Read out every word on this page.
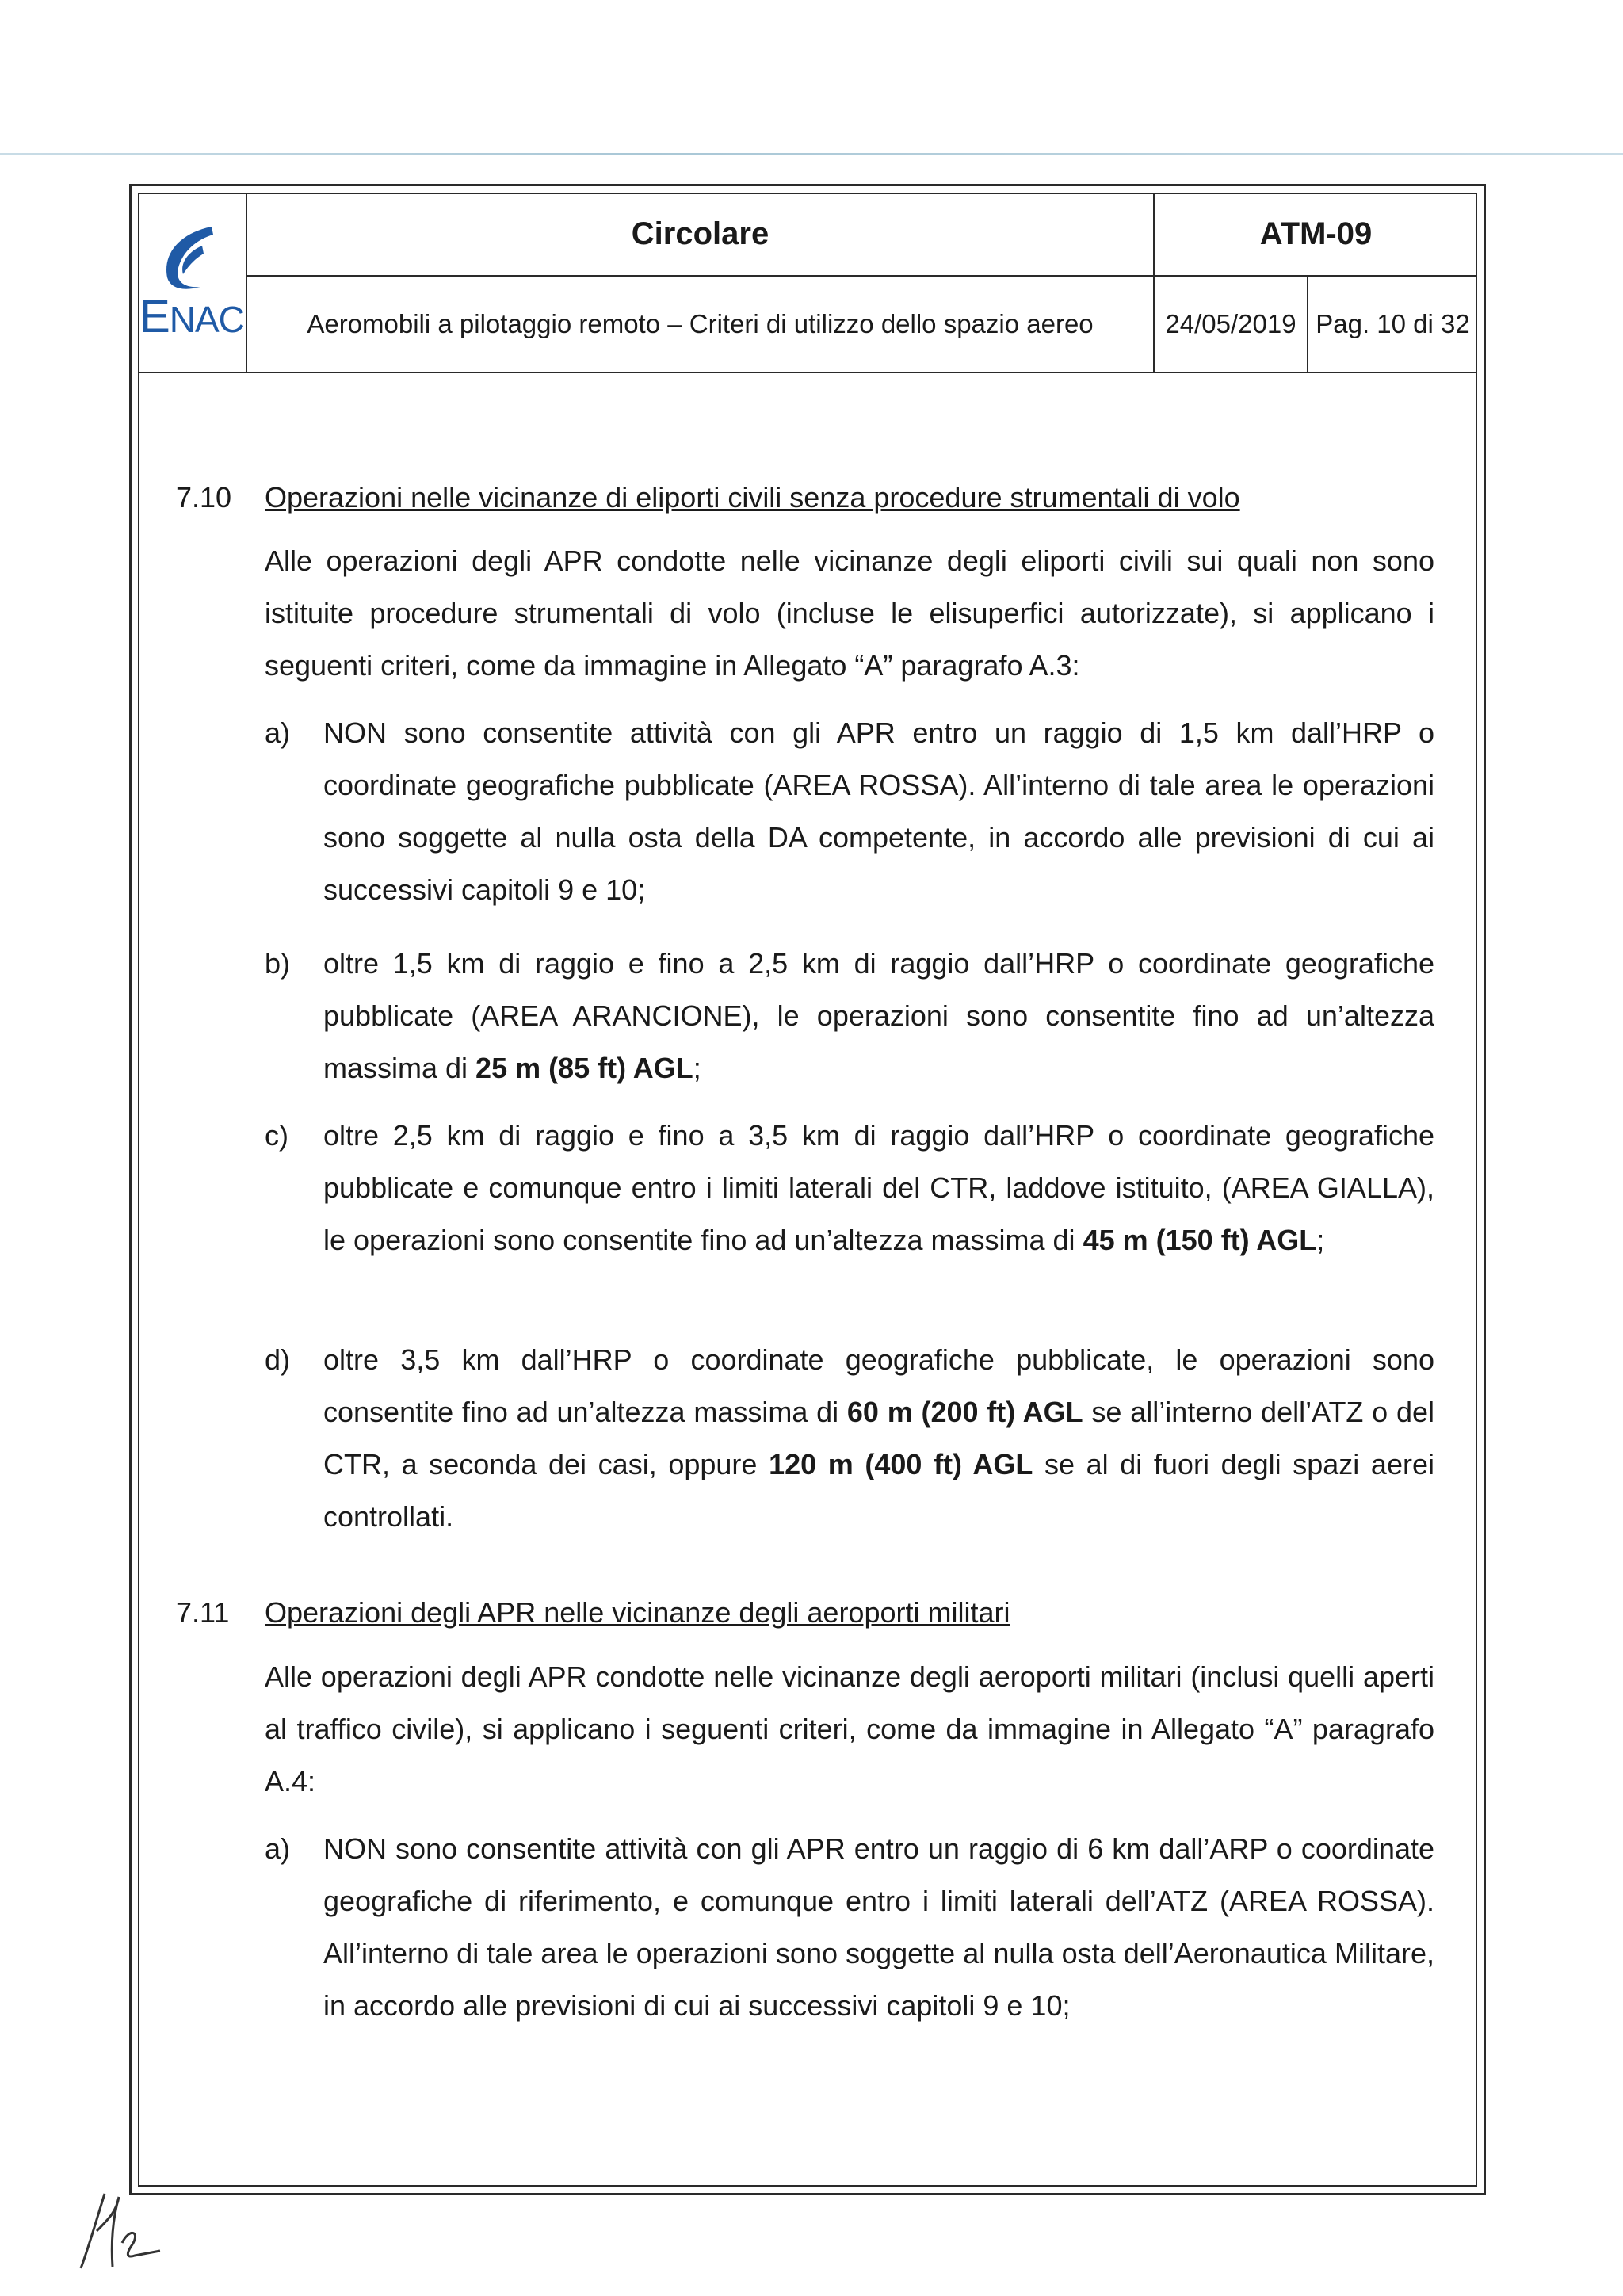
ENAC
Circolare	ATM-09
Aeromobili a pilotaggio remoto – Criteri di utilizzo dello spazio aereo	24/05/2019 Pag. 10 di 32
7.10 Operazioni nelle vicinanze di eliporti civili senza procedure strumentali di volo
Alle operazioni degli APR condotte nelle vicinanze degli eliporti civili sui quali non sono istituite procedure strumentali di volo (incluse le elisuperfici autorizzate), si applicano i seguenti criteri, come da immagine in Allegato “A” paragrafo A.3:
a) NON sono consentite attività con gli APR entro un raggio di 1,5 km dall’HRP o coordinate geografiche pubblicate (AREA ROSSA). All’interno di tale area le operazioni sono soggette al nulla osta della DA competente, in accordo alle previsioni di cui ai successivi capitoli 9 e 10;
b) oltre 1,5 km di raggio e fino a 2,5 km di raggio dall’HRP o coordinate geografiche pubblicate (AREA ARANCIONE), le operazioni sono consentite fino ad un’altezza massima di 25 m (85 ft) AGL;
c) oltre 2,5 km di raggio e fino a 3,5 km di raggio dall’HRP o coordinate geografiche pubblicate e comunque entro i limiti laterali del CTR, laddove istituito, (AREA GIALLA), le operazioni sono consentite fino ad un’altezza massima di 45 m (150 ft) AGL;
d) oltre 3,5 km dall’HRP o coordinate geografiche pubblicate, le operazioni sono consentite fino ad un’altezza massima di 60 m (200 ft) AGL se all’interno dell’ATZ o del CTR, a seconda dei casi, oppure 120 m (400 ft) AGL se al di fuori degli spazi aerei controllati.
7.11 Operazioni degli APR nelle vicinanze degli aeroporti militari
Alle operazioni degli APR condotte nelle vicinanze degli aeroporti militari (inclusi quelli aperti al traffico civile), si applicano i seguenti criteri, come da immagine in Allegato “A” paragrafo A.4:
a) NON sono consentite attività con gli APR entro un raggio di 6 km dall’ARP o coordinate geografiche di riferimento, e comunque entro i limiti laterali dell’ATZ (AREA ROSSA). All’interno di tale area le operazioni sono soggette al nulla osta dell’Aeronautica Militare, in accordo alle previsioni di cui ai successivi capitoli 9 e 10;
